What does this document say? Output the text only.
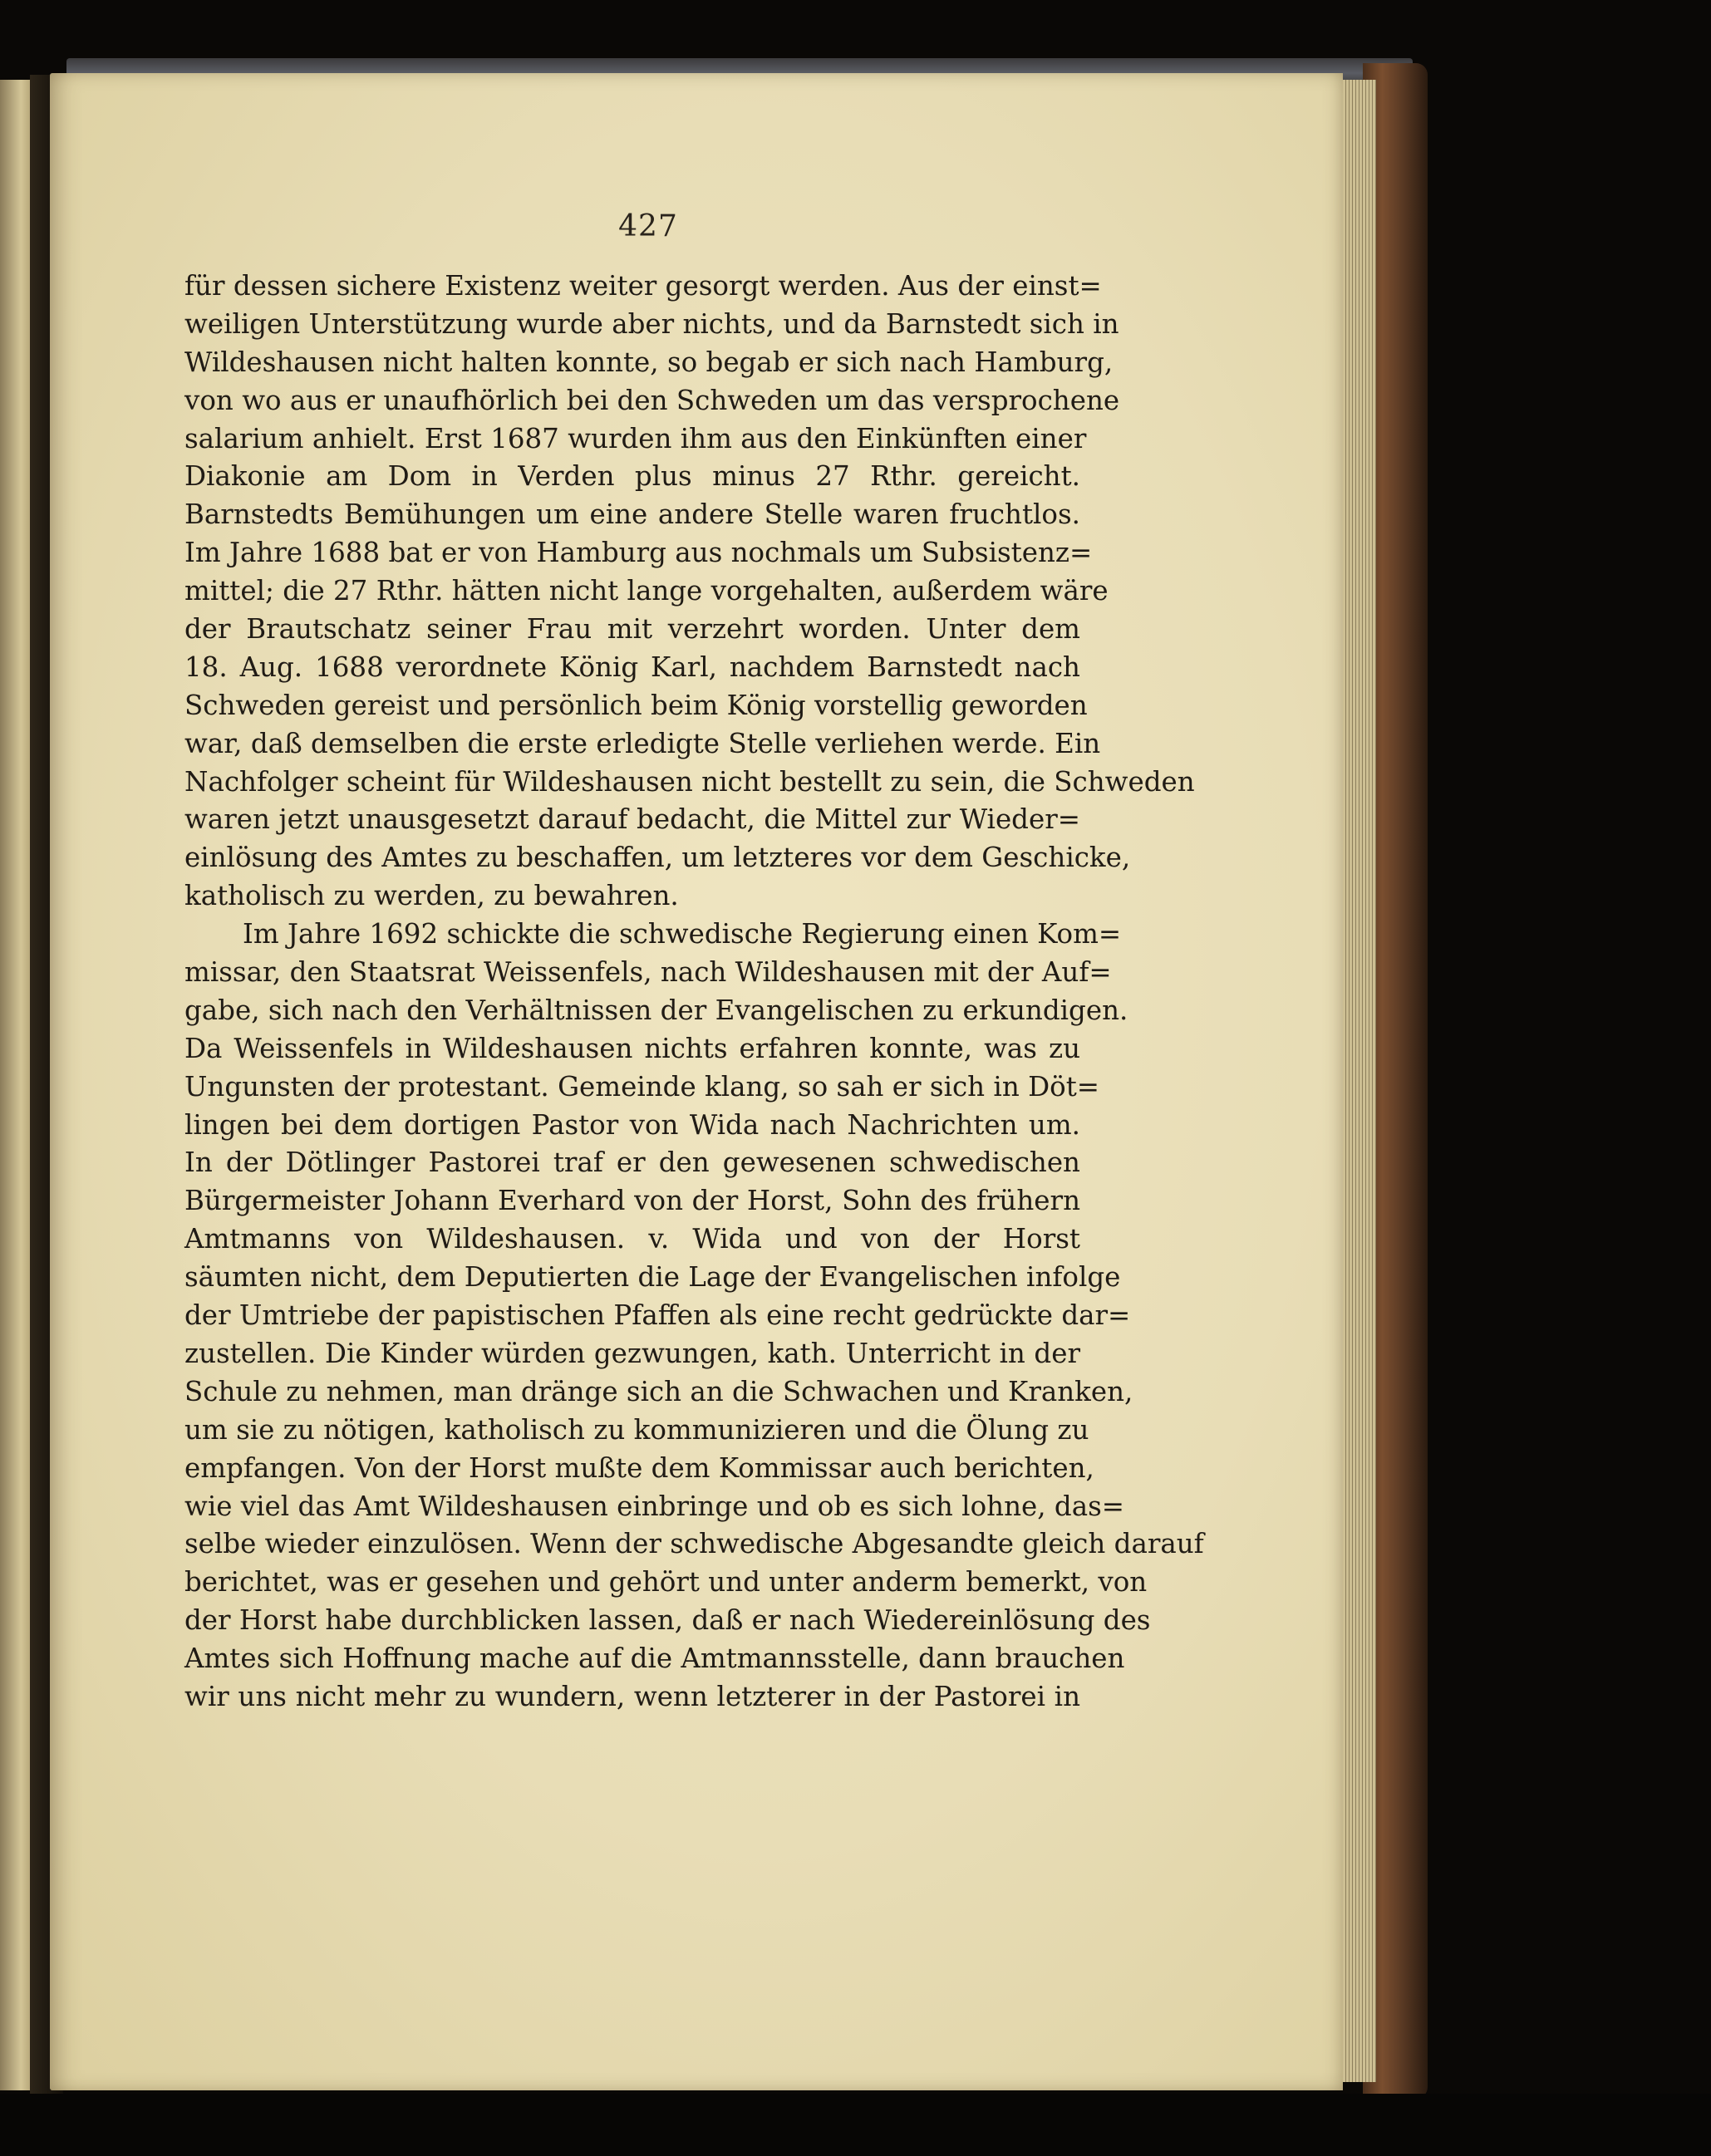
427
für dessen sichere Existenz weiter gesorgt werden. Aus der einst=
weiligen Unterstützung wurde aber nichts, und da Barnstedt sich in
Wildeshausen nicht halten konnte, so begab er sich nach Hamburg,
von wo aus er unaufhörlich bei den Schweden um das versprochene
salarium anhielt. Erst 1687 wurden ihm aus den Einkünften einer
Diakonie am Dom in Verden plus minus 27 Rthr. gereicht.
Barnstedts Bemühungen um eine andere Stelle waren fruchtlos.
Im Jahre 1688 bat er von Hamburg aus nochmals um Subsistenz=
mittel; die 27 Rthr. hätten nicht lange vorgehalten, außerdem wäre
der Brautschatz seiner Frau mit verzehrt worden. Unter dem
18. Aug. 1688 verordnete König Karl, nachdem Barnstedt nach
Schweden gereist und persönlich beim König vorstellig geworden
war, daß demselben die erste erledigte Stelle verliehen werde. Ein
Nachfolger scheint für Wildeshausen nicht bestellt zu sein, die Schweden
waren jetzt unausgesetzt darauf bedacht, die Mittel zur Wieder=
einlösung des Amtes zu beschaffen, um letzteres vor dem Geschicke,
katholisch zu werden, zu bewahren.
Im Jahre 1692 schickte die schwedische Regierung einen Kom=
missar, den Staatsrat Weissenfels, nach Wildeshausen mit der Auf=
gabe, sich nach den Verhältnissen der Evangelischen zu erkundigen.
Da Weissenfels in Wildeshausen nichts erfahren konnte, was zu
Ungunsten der protestant. Gemeinde klang, so sah er sich in Döt=
lingen bei dem dortigen Pastor von Wida nach Nachrichten um.
In der Dötlinger Pastorei traf er den gewesenen schwedischen
Bürgermeister Johann Everhard von der Horst, Sohn des frühern
Amtmanns von Wildeshausen. v. Wida und von der Horst
säumten nicht, dem Deputierten die Lage der Evangelischen infolge
der Umtriebe der papistischen Pfaffen als eine recht gedrückte dar=
zustellen. Die Kinder würden gezwungen, kath. Unterricht in der
Schule zu nehmen, man dränge sich an die Schwachen und Kranken,
um sie zu nötigen, katholisch zu kommunizieren und die Ölung zu
empfangen. Von der Horst mußte dem Kommissar auch berichten,
wie viel das Amt Wildeshausen einbringe und ob es sich lohne, das=
selbe wieder einzulösen. Wenn der schwedische Abgesandte gleich darauf
berichtet, was er gesehen und gehört und unter anderm bemerkt, von
der Horst habe durchblicken lassen, daß er nach Wiedereinlösung des
Amtes sich Hoffnung mache auf die Amtmannsstelle, dann brauchen
wir uns nicht mehr zu wundern, wenn letzterer in der Pastorei in
